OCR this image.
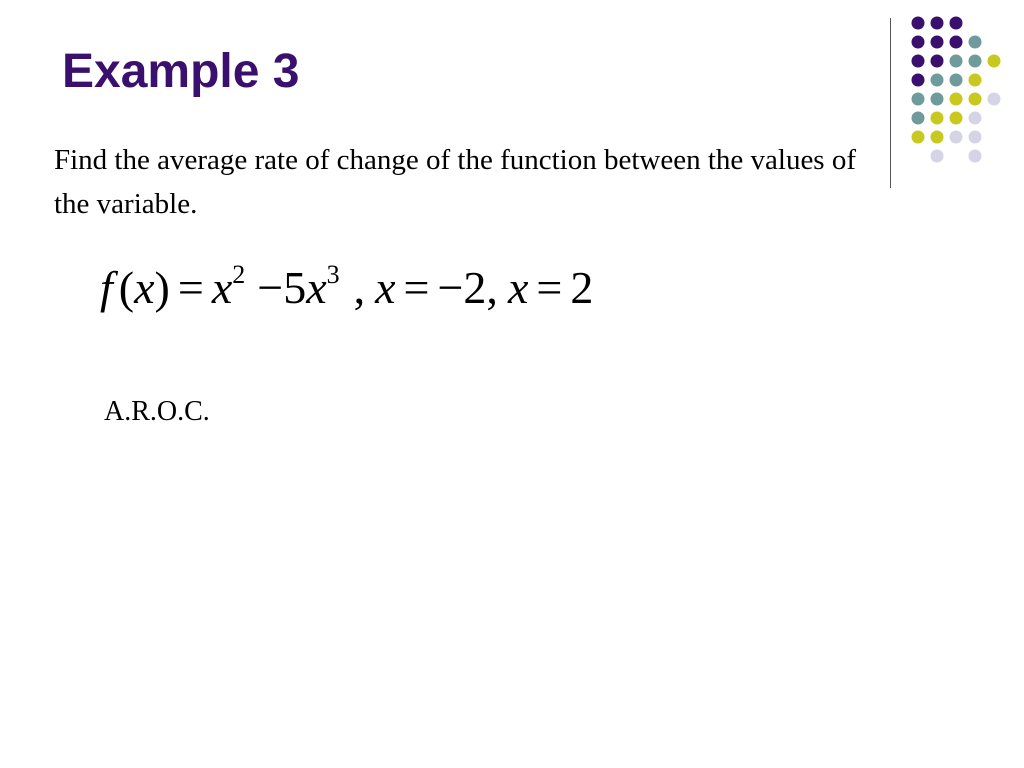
Example 3

Find the average rate of change of the function between the values of the variable.

f $(x) = x^2 -5x^3$ , x = −2, x = 2
A.R.O.C.
